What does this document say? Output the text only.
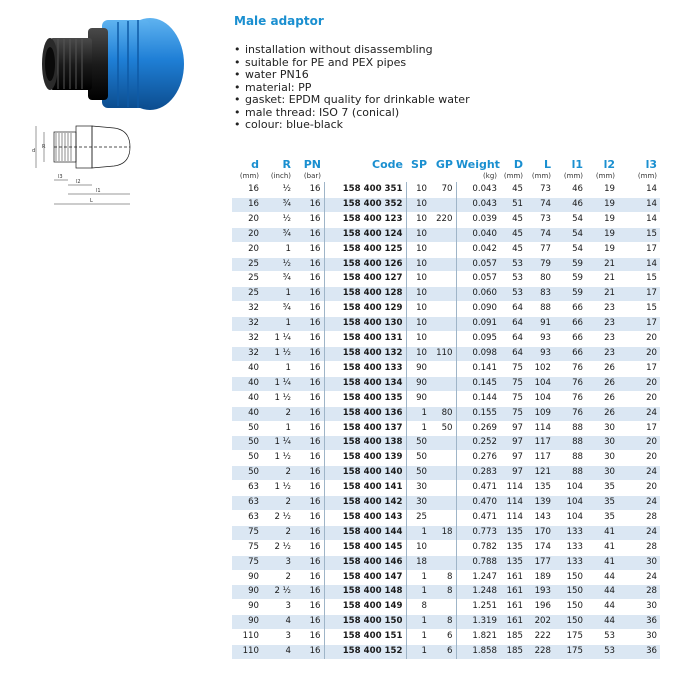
R
d
l3
l2
l1
L
Male adaptor
• installation without disassembling
• suitable for PE and PEX pipes
• water PN16
• material: PP
• gasket: EPDM quality for drinkable water
• male thread: ISO 7 (conical)
• colour: blue-black
d	R	PN	Code	SP	GP	Weight	D	L	l1	l2	l3
(mm)	(inch)	(bar)				(kg)	(mm)	(mm)	(mm)	(mm)	(mm)
16	½	16	158 400 351	10	70	0.043	45	73	46	19	14
16	¾	16	158 400 352	10		0.043	51	74	46	19	14
20	½	16	158 400 123	10	220	0.039	45	73	54	19	14
20	¾	16	158 400 124	10		0.040	45	74	54	19	15
20	1	16	158 400 125	10		0.042	45	77	54	19	17
25	½	16	158 400 126	10		0.057	53	79	59	21	14
25	¾	16	158 400 127	10		0.057	53	80	59	21	15
25	1	16	158 400 128	10		0.060	53	83	59	21	17
32	¾	16	158 400 129	10		0.090	64	88	66	23	15
32	1	16	158 400 130	10		0.091	64	91	66	23	17
32	1 ¼	16	158 400 131	10		0.095	64	93	66	23	20
32	1 ½	16	158 400 132	10	110	0.098	64	93	66	23	20
40	1	16	158 400 133	90		0.141	75	102	76	26	17
40	1 ¼	16	158 400 134	90		0.145	75	104	76	26	20
40	1 ½	16	158 400 135	90		0.144	75	104	76	26	20
40	2	16	158 400 136	1	80	0.155	75	109	76	26	24
50	1	16	158 400 137	1	50	0.269	97	114	88	30	17
50	1 ¼	16	158 400 138	50		0.252	97	117	88	30	20
50	1 ½	16	158 400 139	50		0.276	97	117	88	30	20
50	2	16	158 400 140	50		0.283	97	121	88	30	24
63	1 ½	16	158 400 141	30		0.471	114	135	104	35	20
63	2	16	158 400 142	30		0.470	114	139	104	35	24
63	2 ½	16	158 400 143	25		0.471	114	143	104	35	28
75	2	16	158 400 144	1	18	0.773	135	170	133	41	24
75	2 ½	16	158 400 145	10		0.782	135	174	133	41	28
75	3	16	158 400 146	18		0.788	135	177	133	41	30
90	2	16	158 400 147	1	8	1.247	161	189	150	44	24
90	2 ½	16	158 400 148	1	8	1.248	161	193	150	44	28
90	3	16	158 400 149	8		1.251	161	196	150	44	30
90	4	16	158 400 150	1	8	1.319	161	202	150	44	36
110	3	16	158 400 151	1	6	1.821	185	222	175	53	30
110	4	16	158 400 152	1	6	1.858	185	228	175	53	36
